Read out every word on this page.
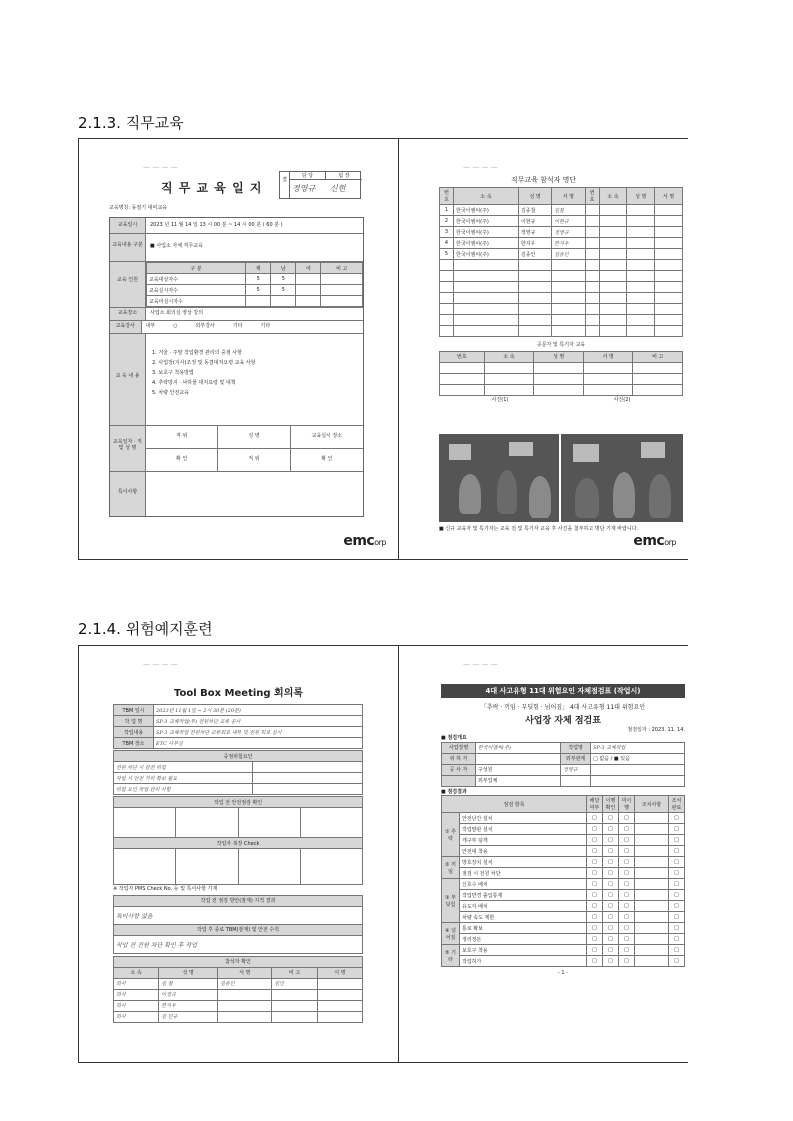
2.1.3. 직무교육
— — — —
직 무 교 육 일 지
결
담 당	팀 장
정영규 신현
교육명칭: 동절기 대비교육
교육일시	2023 년 11 월 14 일 13 시 00 분 ~ 14 시 00 분 ( 60 분 )
교육내용 구분	■ 사업소 자체 직무교육
교육 인원
구 분	계	남	여	비 고
교육대상자수	5	5		
교육실시자수	5	5		
교육미실시자수				
교육장소	사업소 회의실 영상 강의
교육강사	내부	○	외부강사	기타	기타
교 육 내 용
1. 겨울 · 주말 작업환경 관리의 중점 사항
2. 사업장(지사)조정 및 동결대처요령 교육 사항
3. 보호구 착용방법
4. 추락방지 · 낙하물 대처요령 및 대책
5. 차량 안전교육
교육일자 · 직 및 성 명
직 위	성 명	교육실시 장소
확 인	직 위	확 인
특이사항
emcorp
— — — —
직무교육 참석자 명단
번호	소 속	성 명	서 명	번호	소 속	성 명	서 명
1	한국이엠씨(주)	김종철	김철				
2	한국이엠씨(주)	이현규	이현규				
3	한국이엠씨(주)	정영규	정영규				
4	한국이엠씨(주)	한지우	한지우				
5	한국이엠씨(주)	김종인	김종인				

공문자 및 특기자 교육
번호	소 속	성 명	서 명	비 고

사진(1)	사진(2)
■ 신규 교육자 및 특기자는 교육 전 및 특기자 교육 후 사진을 첨부하고 명단 기재 바랍니다.
emcorp
2.1.4. 위험예지훈련
— — — —
Tool Box Meeting 회의록
TBM 일시	2023년 11월 1일 ~ 2시 30분 (20분)
작 업 명	SP-3 교체작업(무) 전원차단 교류 공사
작업내용	SP-3 교체작업 전원차단 교류회로 내부 및 전원 회로 실시
TBM 장소	ETC 사무실
중점위험요인	
전원 차단 시 감전 위험	
작업 시 안전 거리 확보 필요	
위험 요인 작업 관리 사항	
작업 전 안전점검 확인			

작업자 복장 Check			

※ 작업자 PMS Check No. 등 및 특이사항 기재
작업 전 점검 방안(잠재) 지적 결과
특이사항 없음
작업 후 종료 TBM(잠재) 및 안전 수칙
작업 전 전원 차단 확인 후 작업
참석자 확인				
소 속	성 명	서 명	비 고	서 명
회사	김 철	김종인	김인	
회사	이정규			
회사	한지우			
회사	김 민규			
— — — —
4대 사고유형 11대 위험요인 자체점검표 (작업시)
「추락 · 끼임 · 부딪힘 · 넘어짐」 4대 사고유형 11대 위험요인
사업장 자체 점검표
점검일자 : 2023. 11. 14.
■ 점검개요
사업장명	한국이엠씨(주)	작업명	SP-3 교체작업
위 하 자		외부관계	□ 없음 / ■ 있음
공 사 자	구성원	정영규	
	외부업체		
■ 점검결과
점검 항목		해당 여부	이행 확인	미이행	조치사항	조치 완료
① 추락	안전난간 설치	□	□	□		□
	작업발판 설치	□	□	□		□
	개구부 덮개	□	□	□		□
	안전대 착용	□	□	□		□
② 끼임	방호장치 설치	□	□	□		□
	점검 시 전원 차단	□	□	□		□
③ 부딪힘	신호수 배치	□	□	□		□
	작업반경 출입통제	□	□	□		□
	유도자 배치	□	□	□		□
	차량 속도 제한	□	□	□		□
④ 넘어짐	통로 확보	□	□	□		□
	정리정돈	□	□	□		□
⑤ 기타	보호구 착용	□	□	□		□
	작업허가	□	□	□		□
- 1 -
